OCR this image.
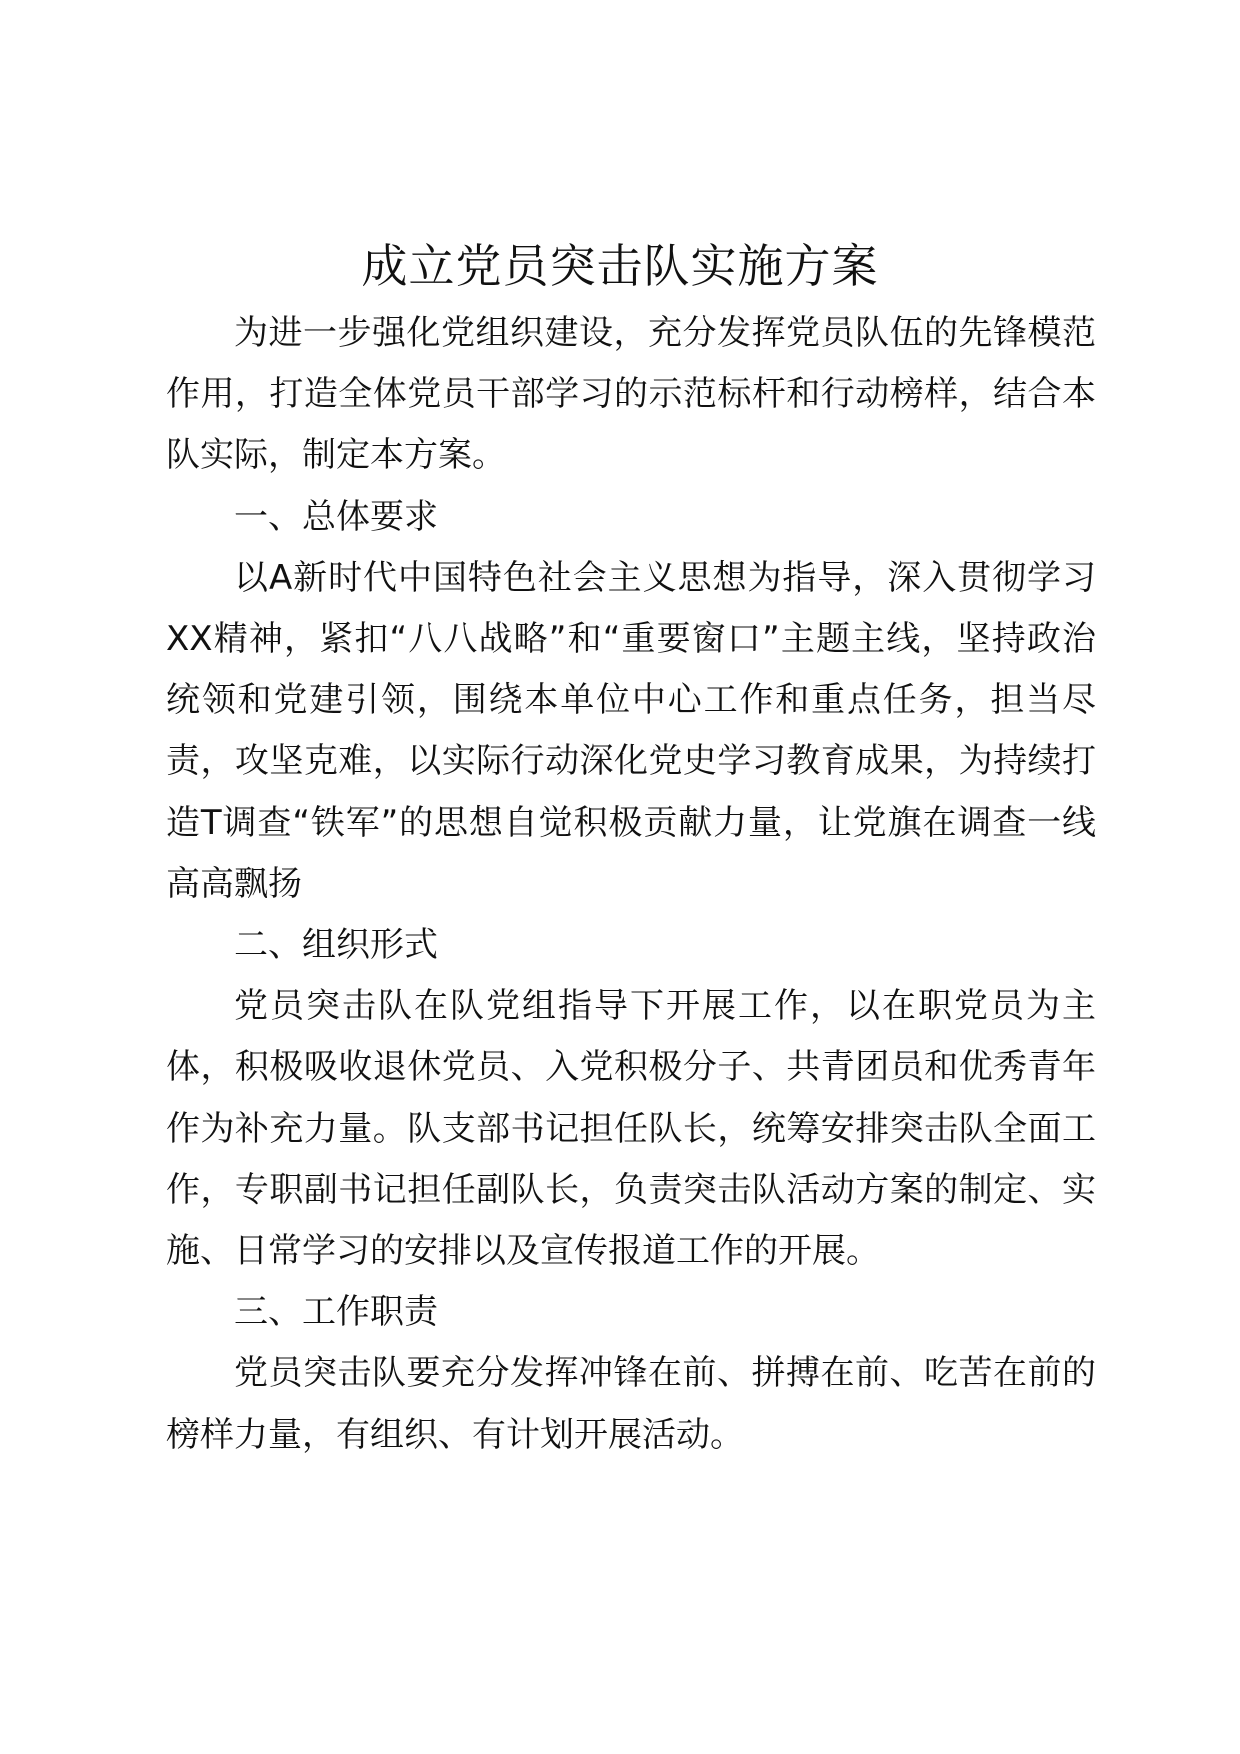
成立党员突击队实施方案

为进一步强化党组织建设，充分发挥党员队伍的先锋模范作用，打造全体党员干部学习的示范标杆和行动榜样，结合本队实际，制定本方案。

一、总体要求

以A新时代中国特色社会主义思想为指导，深入贯彻学习XX精神，紧扣“八八战略”和“重要窗口”主题主线，坚持政治统领和党建引领，围绕本单位中心工作和重点任务，担当尽责，攻坚克难，以实际行动深化党史学习教育成果，为持续打造T调查“铁军”的思想自觉积极贡献力量，让党旗在调查一线高高飘扬

二、组织形式

党员突击队在队党组指导下开展工作，以在职党员为主体，积极吸收退休党员、入党积极分子、共青团员和优秀青年作为补充力量。队支部书记担任队长，统筹安排突击队全面工作，专职副书记担任副队长，负责突击队活动方案的制定、实施、日常学习的安排以及宣传报道工作的开展。

三、工作职责

党员突击队要充分发挥冲锋在前、拼搏在前、吃苦在前的榜样力量，有组织、有计划开展活动。
